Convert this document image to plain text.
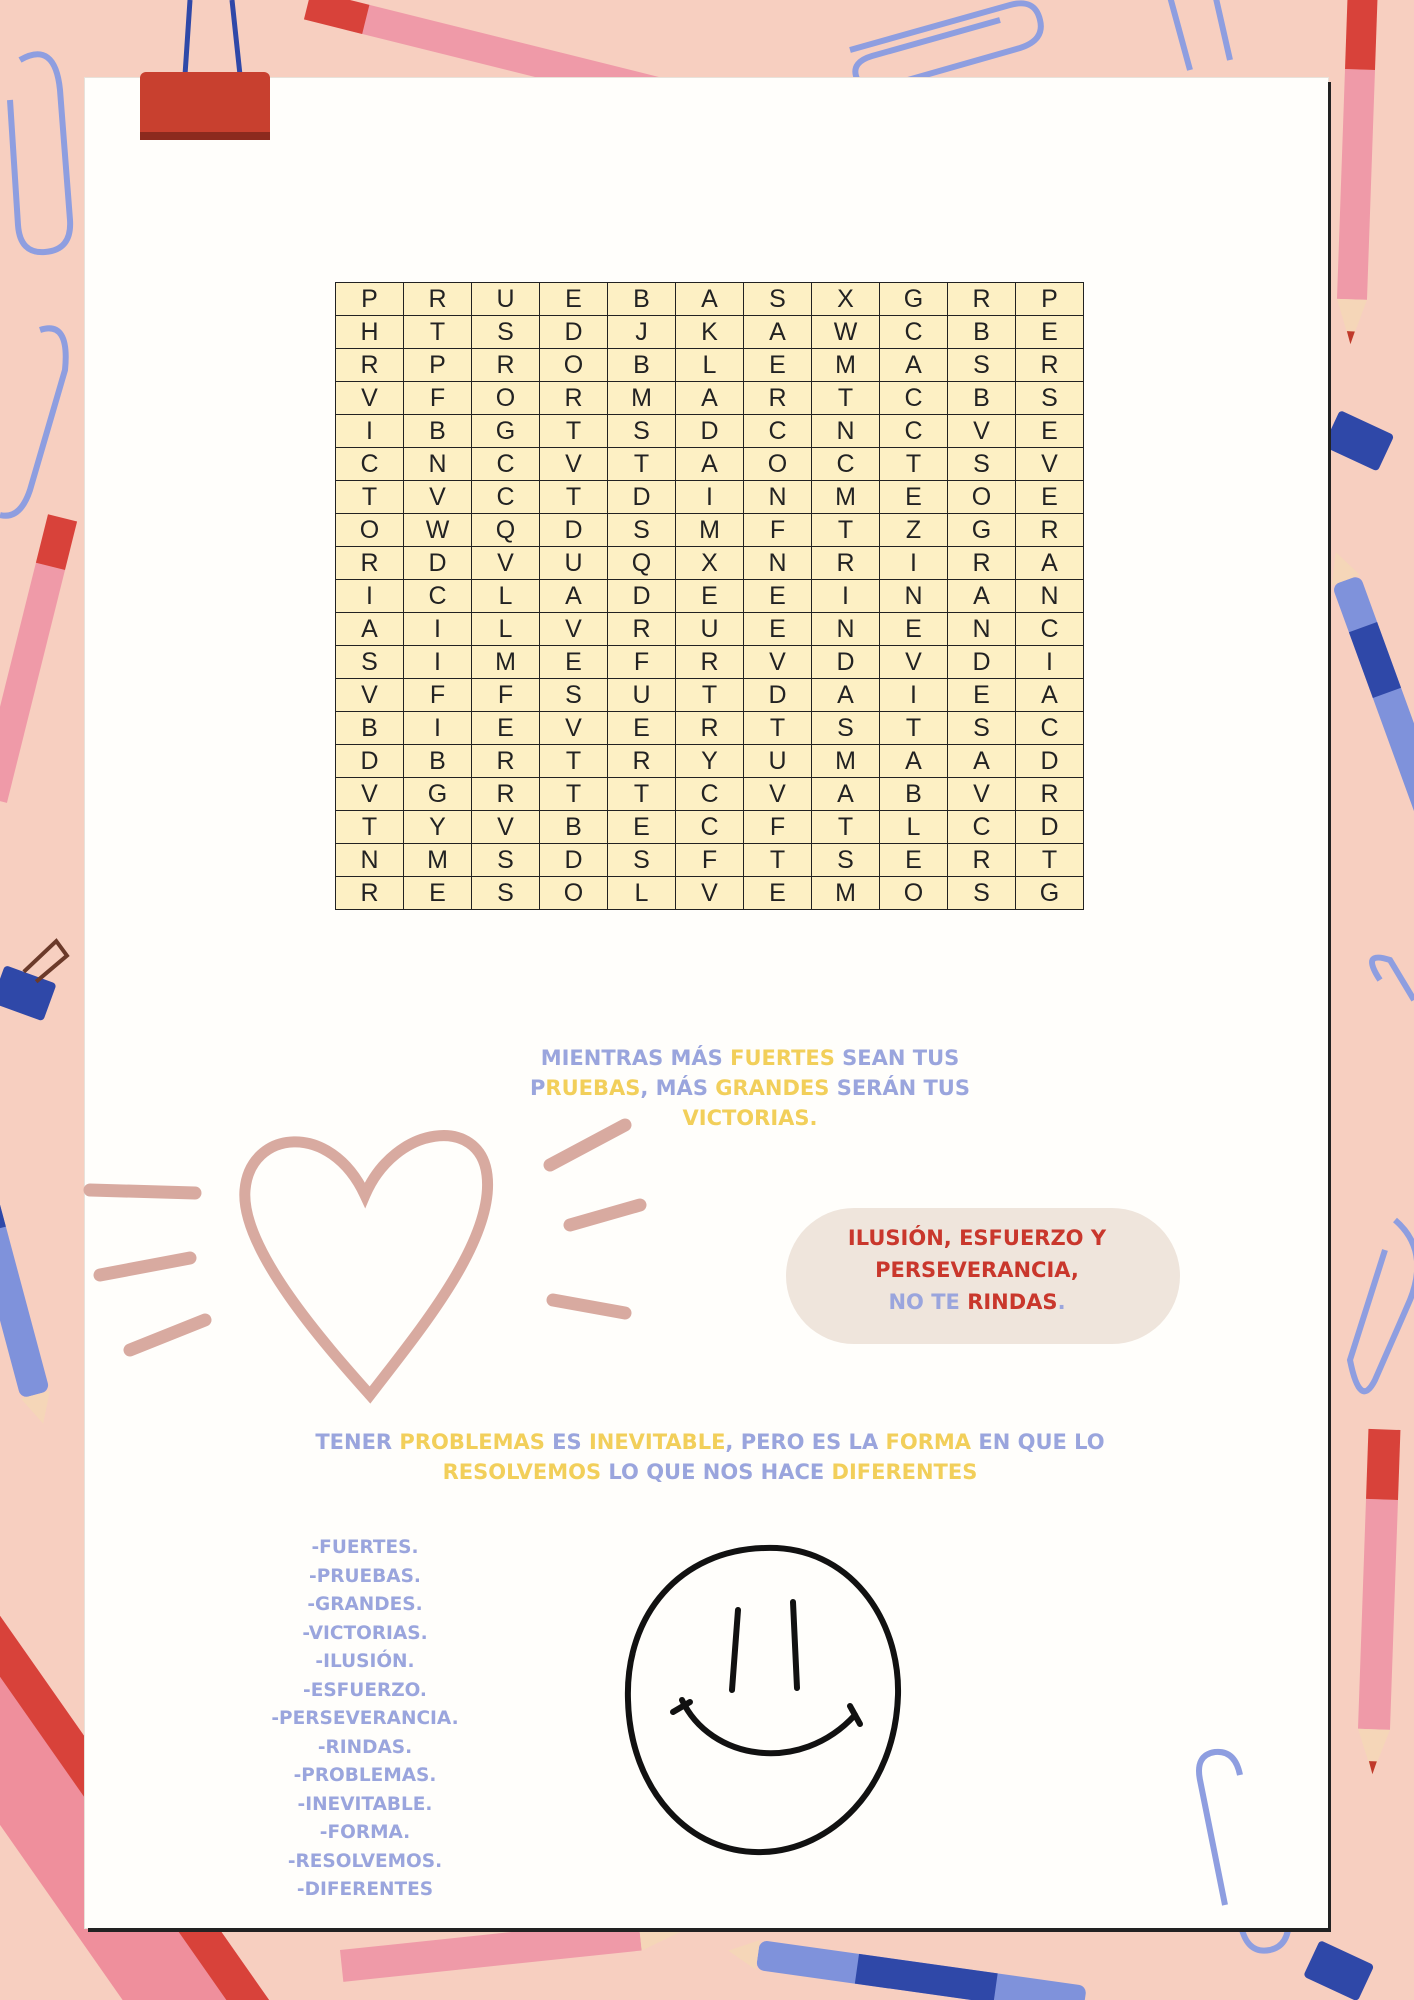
P	R	U	E	B	A	S	X	G	R	P
H	T	S	D	J	K	A	W	C	B	E
R	P	R	O	B	L	E	M	A	S	R
V	F	O	R	M	A	R	T	C	B	S
I	B	G	T	S	D	C	N	C	V	E
C	N	C	V	T	A	O	C	T	S	V
T	V	C	T	D	I	N	M	E	O	E
O	W	Q	D	S	M	F	T	Z	G	R
R	D	V	U	Q	X	N	R	I	R	A
I	C	L	A	D	E	E	I	N	A	N
A	I	L	V	R	U	E	N	E	N	C
S	I	M	E	F	R	V	D	V	D	I
V	F	F	S	U	T	D	A	I	E	A
B	I	E	V	E	R	T	S	T	S	C
D	B	R	T	R	Y	U	M	A	A	D
V	G	R	T	T	C	V	A	B	V	R
T	Y	V	B	E	C	F	T	L	C	D
N	M	S	D	S	F	T	S	E	R	T
R	E	S	O	L	V	E	M	O	S	G
MIENTRAS MÁS FUERTES SEAN TUS
PRUEBAS, MÁS GRANDES SERÁN TUS
VICTORIAS.
ILUSIÓN, ESFUERZO Y
PERSEVERANCIA,
NO TE RINDAS.
TENER PROBLEMAS ES INEVITABLE, PERO ES LA FORMA EN QUE LO
RESOLVEMOS LO QUE NOS HACE DIFERENTES
-FUERTES.
-PRUEBAS.
-GRANDES.
-VICTORIAS.
-ILUSIÓN.
-ESFUERZO.
-PERSEVERANCIA.
-RINDAS.
-PROBLEMAS.
-INEVITABLE.
-FORMA.
-RESOLVEMOS.
-DIFERENTES
